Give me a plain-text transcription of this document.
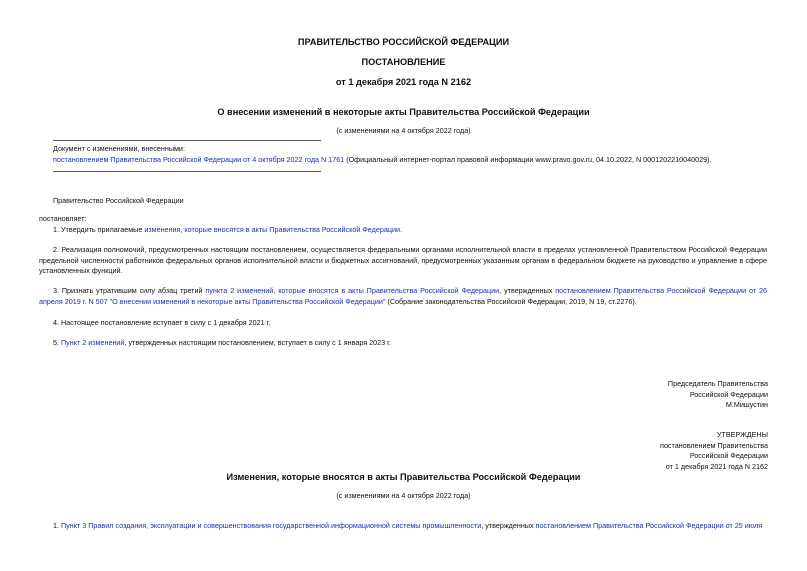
ПРАВИТЕЛЬСТВО РОССИЙСКОЙ ФЕДЕРАЦИИ
ПОСТАНОВЛЕНИЕ
от 1 декабря 2021 года N 2162
О внесении изменений в некоторые акты Правительства Российской Федерации
(с изменениями на 4 октября 2022 года)
Документ с изменениями, внесенными:
постановлением Правительства Российской Федерации от 4 октября 2022 года N 1761 (Официальный интернет-портал правовой информации www.pravo.gov.ru, 04.10.2022, N 0001202210040029).
Правительство Российской Федерации
постановляет:
1. Утвердить прилагаемые изменения, которые вносятся в акты Правительства Российской Федерации.
2. Реализация полномочий, предусмотренных настоящим постановлением, осуществляется федеральными органами исполнительной власти в пределах установленной Правительством Российской Федерации предельной численности работников федеральных органов исполнительной власти и бюджетных ассигнований, предусмотренных указанным органам в федеральном бюджете на руководство и управление в сфере установленных функций.
3. Признать утратившим силу абзац третий пункта 2 изменений, которые вносятся в акты Правительства Российской Федерации, утвержденных постановлением Правительства Российской Федерации от 26 апреля 2019 г. N 507 "О внесении изменений в некоторые акты Правительства Российской Федерации" (Собрание законодательства Российской Федерации, 2019, N 19, ст.2276).
4. Настоящее постановление вступает в силу с 1 декабря 2021 г.
5. Пункт 2 изменений, утвержденных настоящим постановлением, вступает в силу с 1 января 2023 г.
Председатель Правительства
Российской Федерации
М.Мишустин
УТВЕРЖДЕНЫ
постановлением Правительства
Российской Федерации
от 1 декабря 2021 года N 2162
Изменения, которые вносятся в акты Правительства Российской Федерации
(с изменениями на 4 октября 2022 года)
1. Пункт 3 Правил создания, эксплуатации и совершенствования государственной информационной системы промышленности, утвержденных постановлением Правительства Российской Федерации от 25 июля
